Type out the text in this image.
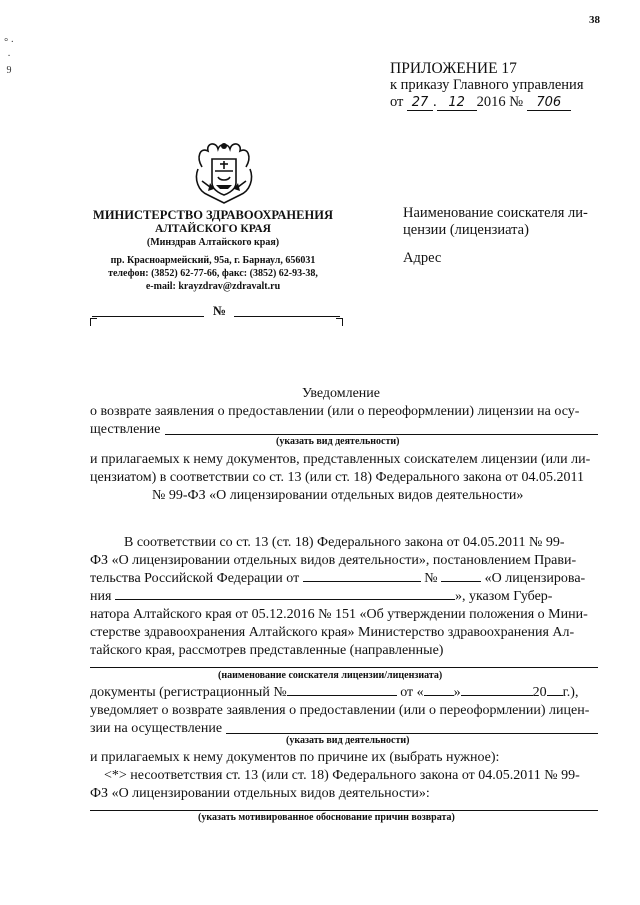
38
° · · 9	ПРИЛОЖЕНИЕ 17
к приказу Главного управления
от 27 . 12 2016 № 706
МИНИСТЕРСТВО ЗДРАВООХРАНЕНИЯ
АЛТАЙСКОГО КРАЯ
(Минздрав Алтайского края)
пр. Красноармейский, 95а, г. Барнаул, 656031
телефон: (3852) 62-77-66, факс: (3852) 62-93-38,
e-mail: krayzdrav@zdravalt.ru
№
Наименование соискателя ли-
цензии (лицензиата)
Адрес
Уведомление
о возврате заявления о предоставлении (или о переоформлении) лицензии на осу-
ществление
(указать вид деятельности)
и прилагаемых к нему документов, представленных соискателем лицензии (или ли-
цензиатом) в соответствии со ст. 13 (или ст. 18) Федерального закона от 04.05.2011
№ 99-ФЗ «О лицензировании отдельных видов деятельности»
В соответствии со ст. 13 (ст. 18) Федерального закона от 04.05.2011 № 99-
ФЗ «О лицензировании отдельных видов деятельности», постановлением Прави-
тельства Российской Федерации от	№	«О лицензирова-
ния	», указом Губер-
натора Алтайского края от 05.12.2016 № 151 «Об утверждении положения о Мини-
стерстве здравоохранения Алтайского края» Министерство здравоохранения Ал-
тайского края, рассмотрев представленные (направленные)
(наименование соискателя лицензии/лицензиата)
документы (регистрационный №	от « »	20 г.),
уведомляет о возврате заявления о предоставлении (или о переоформлении) лицен-
зии на осуществление
(указать вид деятельности)
и прилагаемых к нему документов по причине их (выбрать нужное):
<*> несоответствия ст. 13 (или ст. 18) Федерального закона от 04.05.2011 № 99-
ФЗ «О лицензировании отдельных видов деятельности»:
(указать мотивированное обоснование причин возврата)
